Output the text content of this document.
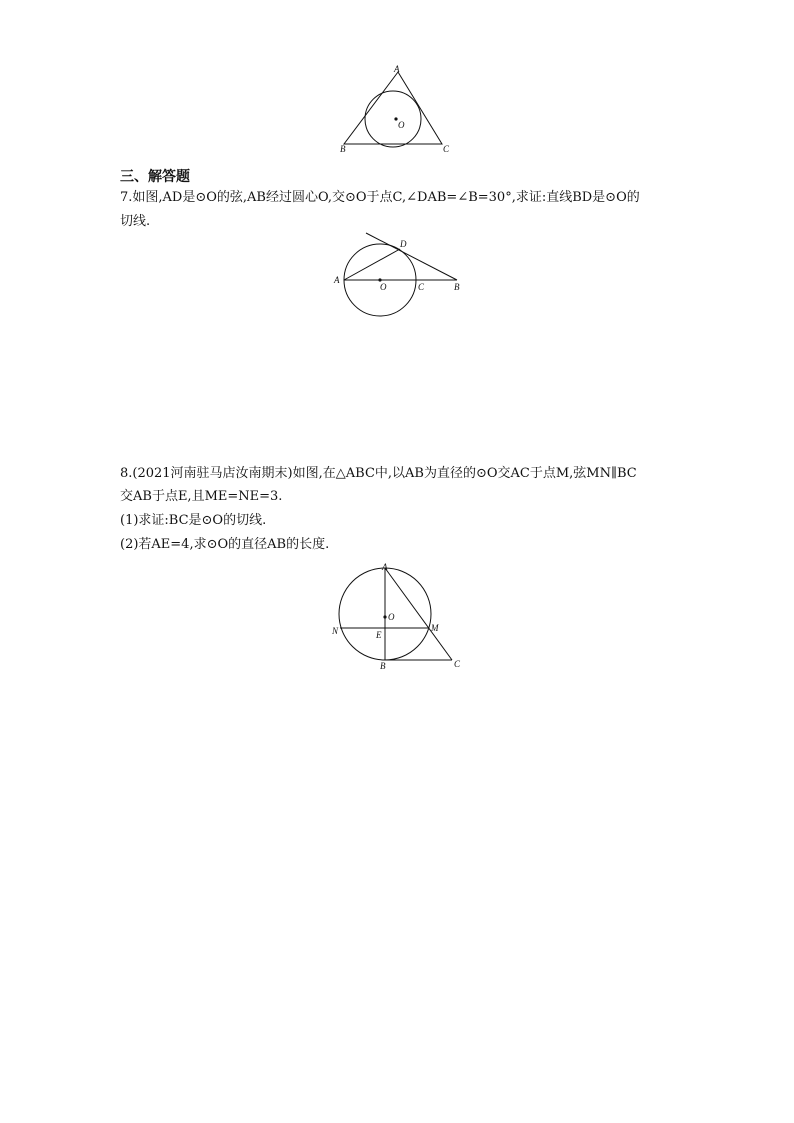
A
B	C
O
三、解答题
7.如图,AD是⊙O的弦,AB经过圆心O,交⊙O于点C,∠DAB=∠B=30°,求证:直线BD是⊙O的
切线.
A
O	C	B
D
8.(2021河南驻马店汝南期末)如图,在△ABC中,以AB为直径的⊙O交AC于点M,弦MN∥BC
交AB于点E,且ME=NE=3.
(1)求证:BC是⊙O的切线.
(2)若AE=4,求⊙O的直径AB的长度.
A
O
N	E
M
B	C
